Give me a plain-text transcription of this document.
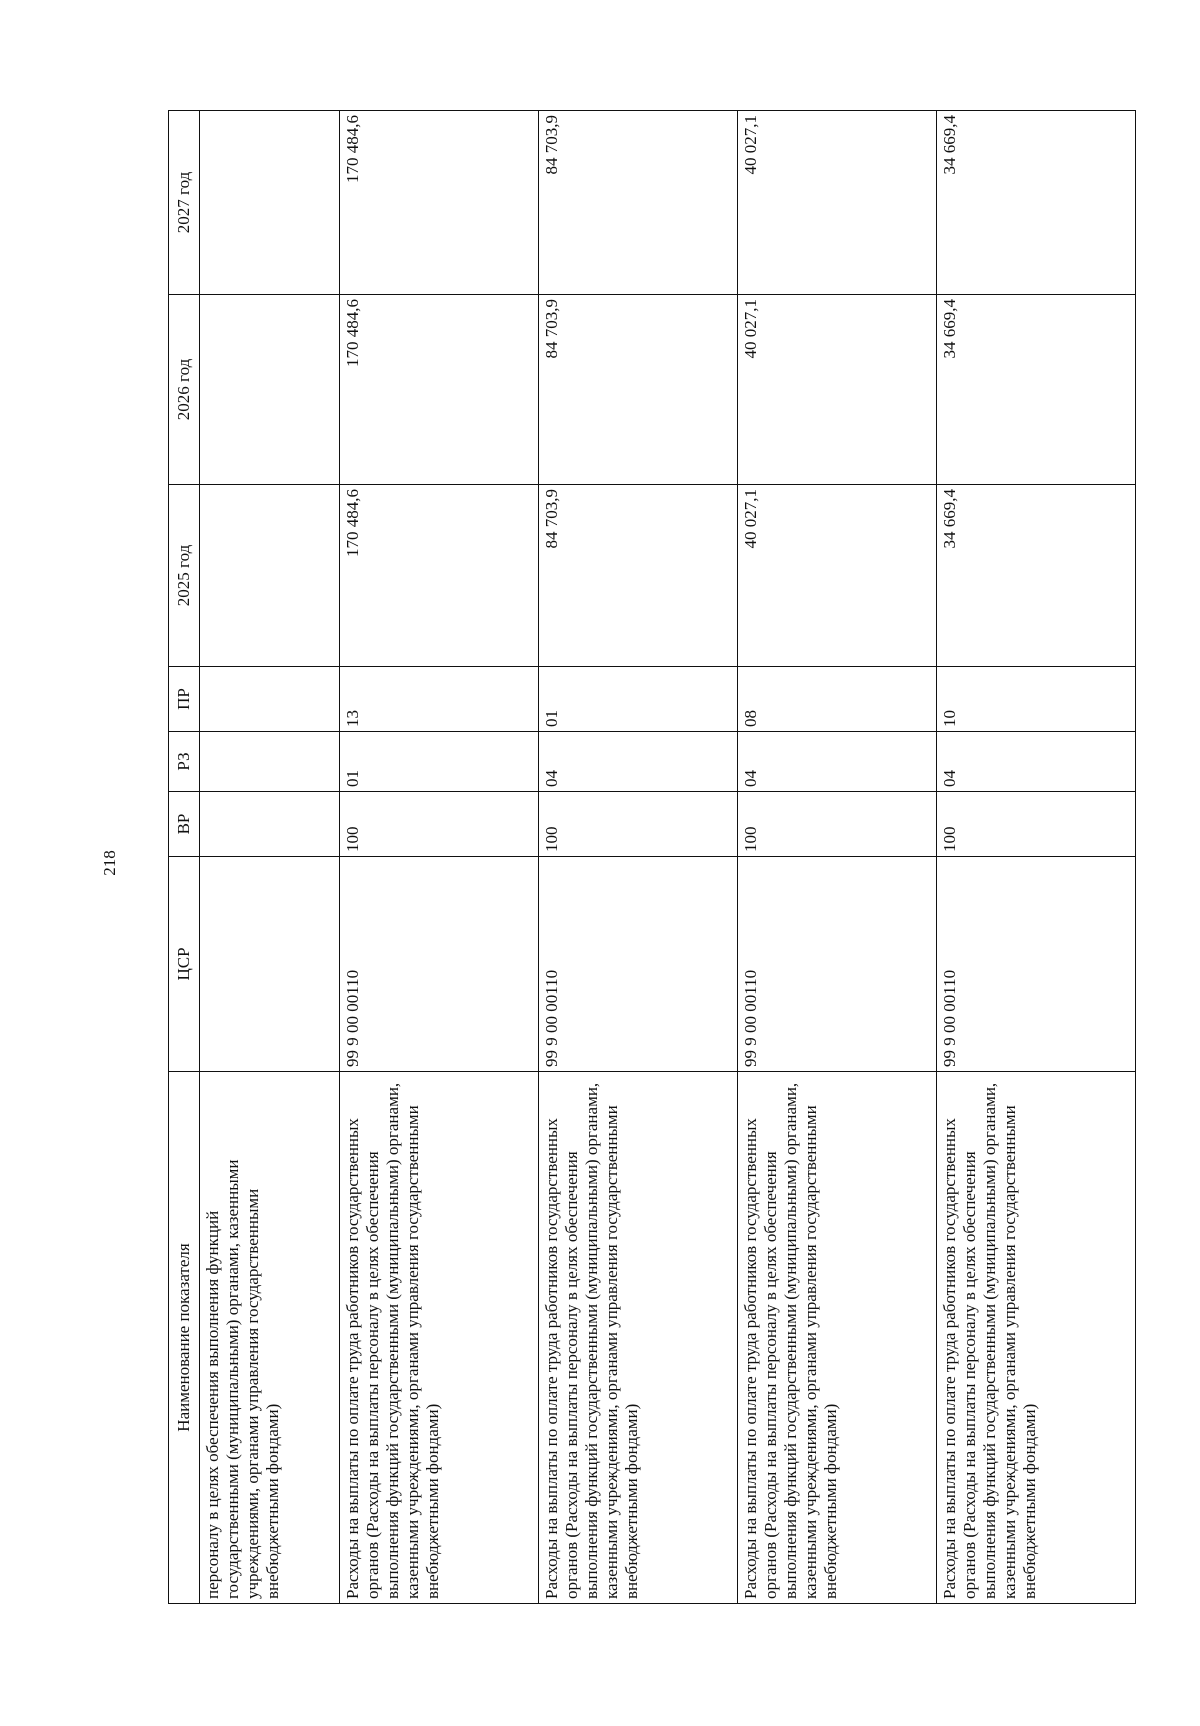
218
Наименование показателя	ЦСР	ВР	РЗ	ПР	2025 год	2026 год	2027 год
персоналу в целях обеспечения выполнения функций государственными (муниципальными) органами, казенными учреждениями, органами управления государственными внебюджетными фондами)							
Расходы на выплаты по оплате труда работников государственных органов (Расходы на выплаты персоналу в целях обеспечения выполнения функций государственными (муниципальными) органами, казенными учреждениями, органами управления государственными внебюджетными фондами)	99 9 00 00110	100	01	13	170 484,6	170 484,6	170 484,6
Расходы на выплаты по оплате труда работников государственных органов (Расходы на выплаты персоналу в целях обеспечения выполнения функций государственными (муниципальными) органами, казенными учреждениями, органами управления государственными внебюджетными фондами)	99 9 00 00110	100	04	01	84 703,9	84 703,9	84 703,9
Расходы на выплаты по оплате труда работников государственных органов (Расходы на выплаты персоналу в целях обеспечения выполнения функций государственными (муниципальными) органами, казенными учреждениями, органами управления государственными внебюджетными фондами)	99 9 00 00110	100	04	08	40 027,1	40 027,1	40 027,1
Расходы на выплаты по оплате труда работников государственных органов (Расходы на выплаты персоналу в целях обеспечения выполнения функций государственными (муниципальными) органами, казенными учреждениями, органами управления государственными внебюджетными фондами)	99 9 00 00110	100	04	10	34 669,4	34 669,4	34 669,4
